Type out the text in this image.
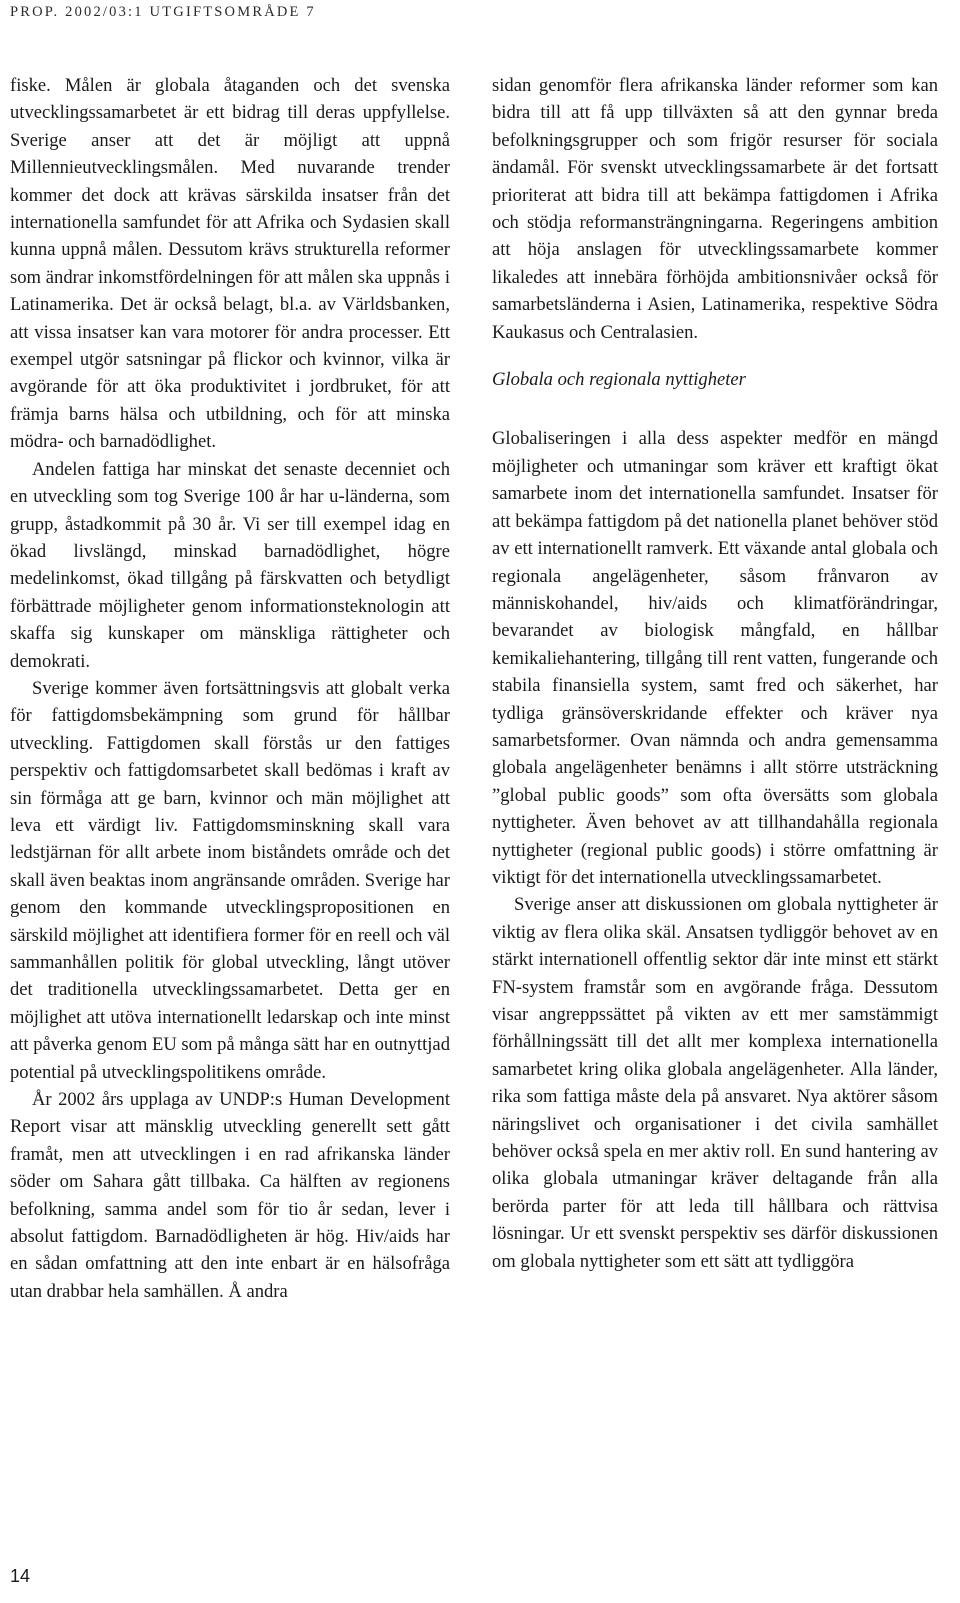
PROP. 2002/03:1 UTGIFTSOMRÅDE 7

fiske. Målen är globala åtaganden och det svenska utvecklingssamarbetet är ett bidrag till deras uppfyllelse. Sverige anser att det är möjligt att uppnå Millennieutvecklingsmålen. Med nuvarande trender kommer det dock att krävas särskilda insatser från det internationella samfundet för att Afrika och Sydasien skall kunna uppnå målen. Dessutom krävs strukturella reformer som ändrar inkomstfördelningen för att målen ska uppnås i Latinamerika. Det är också belagt, bl.a. av Världsbanken, att vissa insatser kan vara motorer för andra processer. Ett exempel utgör satsningar på flickor och kvinnor, vilka är avgörande för att öka produktivitet i jordbruket, för att främja barns hälsa och utbildning, och för att minska mödra- och barnadödlighet.

Andelen fattiga har minskat det senaste decenniet och en utveckling som tog Sverige 100 år har u-länderna, som grupp, åstadkommit på 30 år. Vi ser till exempel idag en ökad livslängd, minskad barnadödlighet, högre medelinkomst, ökad tillgång på färskvatten och betydligt förbättrade möjligheter genom informationsteknologin att skaffa sig kunskaper om mänskliga rättigheter och demokrati.

Sverige kommer även fortsättningsvis att globalt verka för fattigdomsbekämpning som grund för hållbar utveckling. Fattigdomen skall förstås ur den fattiges perspektiv och fattigdomsarbetet skall bedömas i kraft av sin förmåga att ge barn, kvinnor och män möjlighet att leva ett värdigt liv. Fattigdomsminskning skall vara ledstjärnan för allt arbete inom biståndets område och det skall även beaktas inom angränsande områden. Sverige har genom den kommande utvecklingspropositionen en särskild möjlighet att identifiera former för en reell och väl sammanhållen politik för global utveckling, långt utöver det traditionella utvecklingssamarbetet. Detta ger en möjlighet att utöva internationellt ledarskap och inte minst att påverka genom EU som på många sätt har en outnyttjad potential på utvecklingspolitikens område.

År 2002 års upplaga av UNDP:s Human Development Report visar att mänsklig utveckling generellt sett gått framåt, men att utvecklingen i en rad afrikanska länder söder om Sahara gått tillbaka. Ca hälften av regionens befolkning, samma andel som för tio år sedan, lever i absolut fattigdom. Barnadödligheten är hög. Hiv/aids har en sådan omfattning att den inte enbart är en hälsofråga utan drabbar hela samhällen. Å andra

sidan genomför flera afrikanska länder reformer som kan bidra till att få upp tillväxten så att den gynnar breda befolkningsgrupper och som frigör resurser för sociala ändamål. För svenskt utvecklingssamarbete är det fortsatt prioriterat att bidra till att bekämpa fattigdomen i Afrika och stödja reformansträngningarna. Regeringens ambition att höja anslagen för utvecklingssamarbete kommer likaledes att innebära förhöjda ambitionsnivåer också för samarbetsländerna i Asien, Latinamerika, respektive Södra Kaukasus och Centralasien.

Globala och regionala nyttigheter

Globaliseringen i alla dess aspekter medför en mängd möjligheter och utmaningar som kräver ett kraftigt ökat samarbete inom det internationella samfundet. Insatser för att bekämpa fattigdom på det nationella planet behöver stöd av ett internationellt ramverk. Ett växande antal globala och regionala angelägenheter, såsom frånvaron av människohandel, hiv/aids och klimatförändringar, bevarandet av biologisk mångfald, en hållbar kemikaliehantering, tillgång till rent vatten, fungerande och stabila finansiella system, samt fred och säkerhet, har tydliga gränsöverskridande effekter och kräver nya samarbetsformer. Ovan nämnda och andra gemensamma globala angelägenheter benämns i allt större utsträckning ”global public goods” som ofta översätts som globala nyttigheter. Även behovet av att tillhandahålla regionala nyttigheter (regional public goods) i större omfattning är viktigt för det internationella utvecklingssamarbetet.

Sverige anser att diskussionen om globala nyttigheter är viktig av flera olika skäl. Ansatsen tydliggör behovet av en stärkt internationell offentlig sektor där inte minst ett stärkt FN-system framstår som en avgörande fråga. Dessutom visar angreppssättet på vikten av ett mer samstämmigt förhållningssätt till det allt mer komplexa internationella samarbetet kring olika globala angelägenheter. Alla länder, rika som fattiga måste dela på ansvaret. Nya aktörer såsom näringslivet och organisationer i det civila samhället behöver också spela en mer aktiv roll. En sund hantering av olika globala utmaningar kräver deltagande från alla berörda parter för att leda till hållbara och rättvisa lösningar. Ur ett svenskt perspektiv ses därför diskussionen om globala nyttigheter som ett sätt att tydliggöra

14
